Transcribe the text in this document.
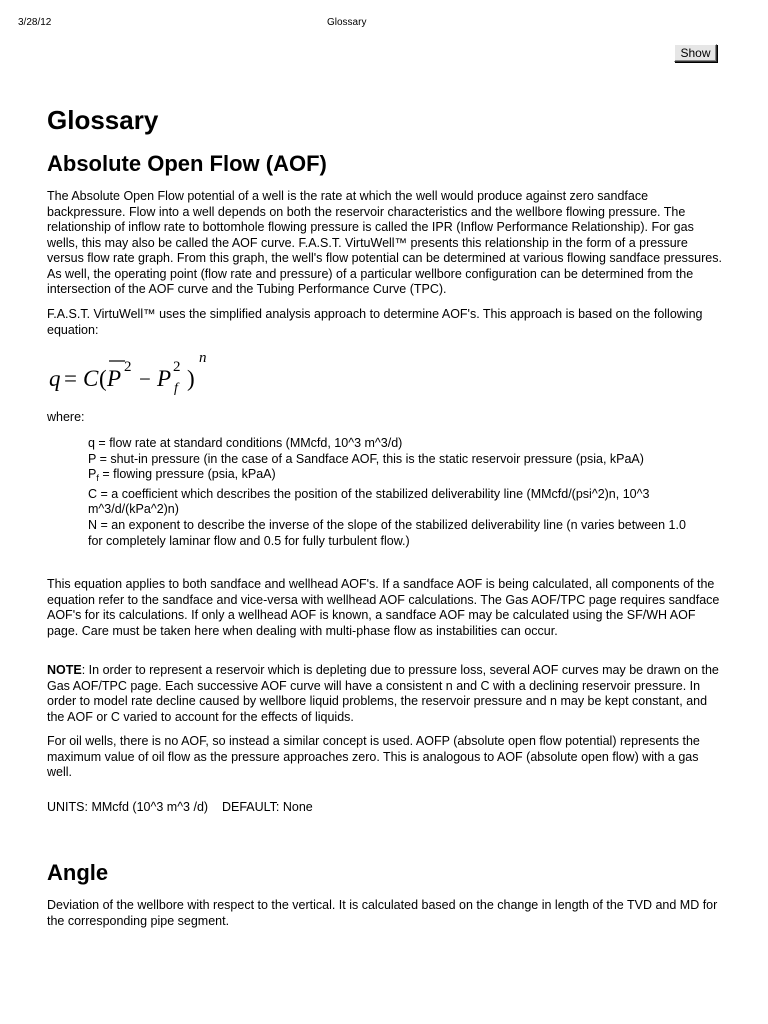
3/28/12	Glossary
Show
Glossary
Absolute Open Flow (AOF)

The Absolute Open Flow potential of a well is the rate at which the well would produce against zero sandface backpressure. Flow into a well depends on both the reservoir characteristics and the wellbore flowing pressure. The relationship of inflow rate to bottomhole flowing pressure is called the IPR (Inflow Performance Relationship). For gas wells, this may also be called the AOF curve. F.A.S.T. VirtuWell™ presents this relationship in the form of a pressure versus flow rate graph. From this graph, the well's flow potential can be determined at various flowing sandface pressures. As well, the operating point (flow rate and pressure) of a particular wellbore configuration can be determined from the intersection of the AOF curve and the Tubing Performance Curve (TPC).

F.A.S.T. VirtuWell™ uses the simplified analysis approach to determine AOF's. This approach is based on the following equation:

q = C ( P 2 − P 2
f )
n

where:

q = flow rate at standard conditions (MMcfd, 10^3 m^3/d)
P = shut-in pressure (in the case of a Sandface AOF, this is the static reservoir pressure (psia, kPaA)
$P_f$ = flowing pressure (psia, kPaA)
C = a coefficient which describes the position of the stabilized deliverability line (MMcfd/(psi^2)n, 10^3 m^3/d/(kPa^2)n)
N = an exponent to describe the inverse of the slope of the stabilized deliverability line (n varies between 1.0 for completely laminar flow and 0.5 for fully turbulent flow.)

This equation applies to both sandface and wellhead AOF's. If a sandface AOF is being calculated, all components of the equation refer to the sandface and vice-versa with wellhead AOF calculations. The Gas AOF/TPC page requires sandface AOF's for its calculations. If only a wellhead AOF is known, a sandface AOF may be calculated using the SF/WH AOF page. Care must be taken here when dealing with multi-phase flow as instabilities can occur.

NOTE: In order to represent a reservoir which is depleting due to pressure loss, several AOF curves may be drawn on the Gas AOF/TPC page. Each successive AOF curve will have a consistent n and C with a declining reservoir pressure. In order to model rate decline caused by wellbore liquid problems, the reservoir pressure and n may be kept constant, and the AOF or C varied to account for the effects of liquids.

For oil wells, there is no AOF, so instead a similar concept is used. AOFP (absolute open flow potential) represents the maximum value of oil flow as the pressure approaches zero. This is analogous to AOF (absolute open flow) with a gas well.

UNITS: MMcfd (10^3 m^3 /d)    DEFAULT: None

Angle

Deviation of the wellbore with respect to the vertical. It is calculated based on the change in length of the TVD and MD for the corresponding pipe segment.
